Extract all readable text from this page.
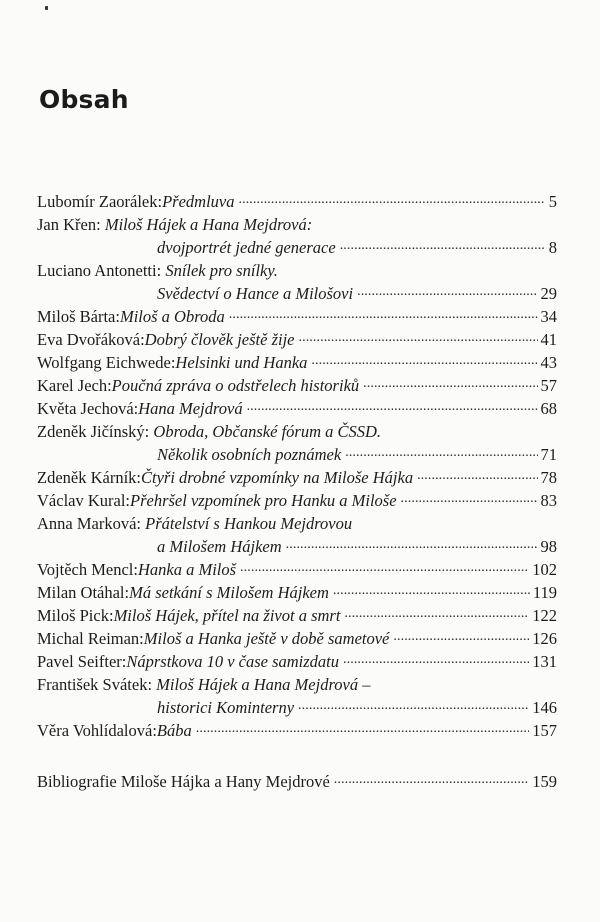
Obsah
Lubomír Zaorálek: Předmluva . . .	5
Jan Křen: Miloš Hájek a Hana Mejdrová:
dvojportrét jedné generace . . .	8
Luciano Antonetti: Snílek pro snílky.
Svědectví o Hance a Milošovi . . .	29
Miloš Bárta: Miloš a Obroda . . .	34
Eva Dvořáková: Dobrý člověk ještě žije . . .	41
Wolfgang Eichwede: Helsinki und Hanka . . .	43
Karel Jech: Poučná zpráva o odstřelech historiků . . .	57
Květa Jechová: Hana Mejdrová . . .	68
Zdeněk Jičínský: Obroda, Občanské fórum a ČSSD.
Několik osobních poznámek . . .	71
Zdeněk Kárník: Čtyři drobné vzpomínky na Miloše Hájka . . .	78
Václav Kural: Přehršel vzpomínek pro Hanku a Miloše . . .	83
Anna Marková: Přátelství s Hankou Mejdrovou
a Milošem Hájkem . . .	98
Vojtěch Mencl: Hanka a Miloš . . .	102
Milan Otáhal: Má setkání s Milošem Hájkem . . .	119
Miloš Pick: Miloš Hájek, přítel na život a smrt . . .	122
Michal Reiman: Miloš a Hanka ještě v době sametové . . .	126
Pavel Seifter: Náprstkova 10 v čase samizdatu . . .	131
František Svátek: Miloš Hájek a Hana Mejdrová –
historici Kominterny . . .	146
Věra Vohlídalová: Bába . . .	157
Bibliografie Miloše Hájka a Hany Mejdrové . . .	159
